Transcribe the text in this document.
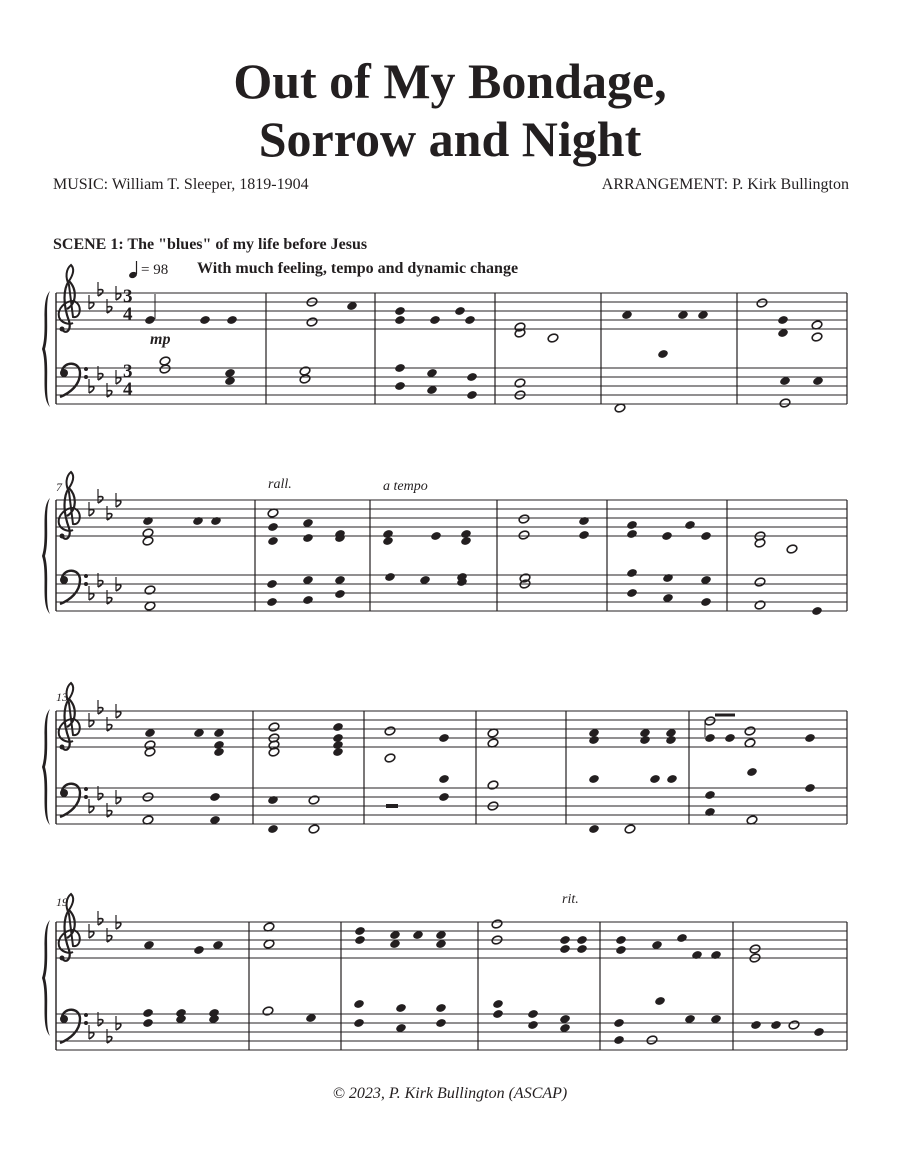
Out of My Bondage,
Sorrow and Night
MUSIC: William T. Sleeper, 1819-1904	ARRANGEMENT: P. Kirk Bullington
SCENE 1: The "blues" of my life before Jesus
= 98 With much feeling, tempo and dynamic change
3
4
3
4
mp
7	rall.	a tempo
13
19	rit.
© 2023, P. Kirk Bullington (ASCAP)
